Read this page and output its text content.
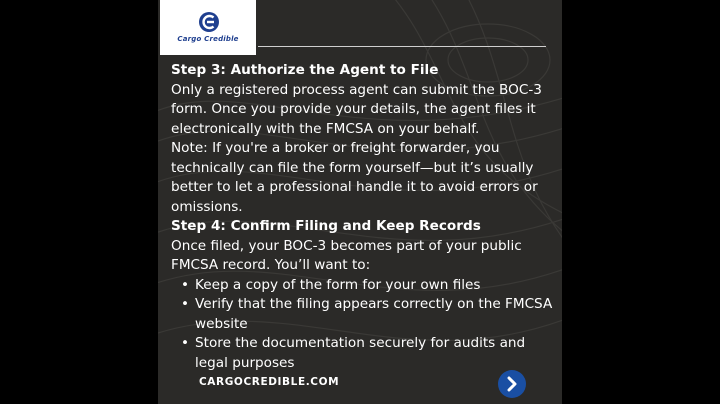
Cargo Credible

Step 3: Authorize the Agent to File

Only a registered process agent can submit the BOC-3 form. Once you provide your details, the agent files it electronically with the FMCSA on your behalf.

Note: If you're a broker or freight forwarder, you technically can file the form yourself—but it’s usually better to let a professional handle it to avoid errors or omissions.

Step 4: Confirm Filing and Keep Records

Once filed, your BOC-3 becomes part of your public FMCSA record. You’ll want to:

• Keep a copy of the form for your own files
• Verify that the filing appears correctly on the FMCSA website
• Store the documentation securely for audits and legal purposes
CARGOCREDIBLE.COM
